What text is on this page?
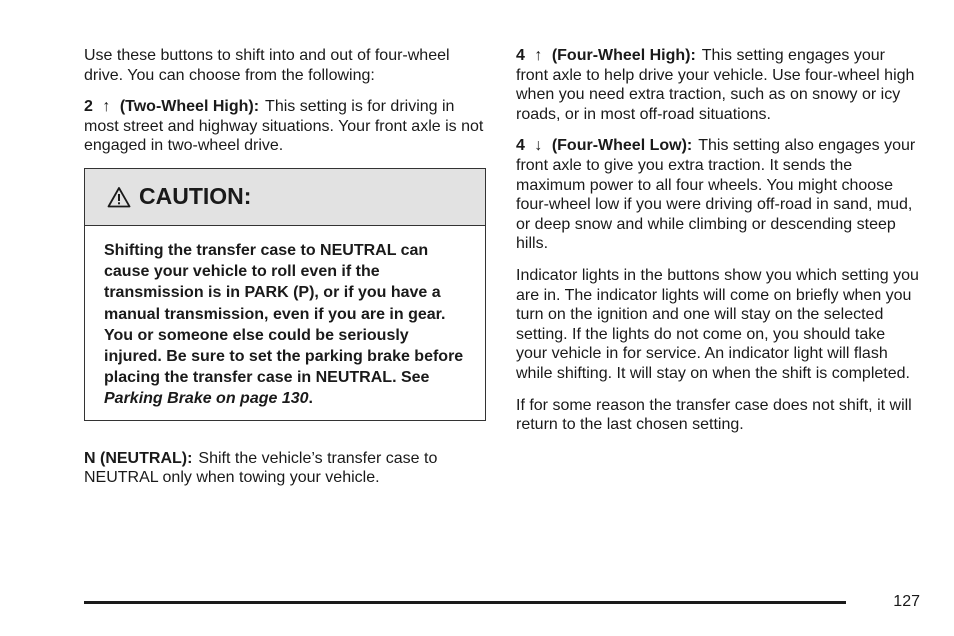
Use these buttons to shift into and out of four-wheel drive. You can choose from the following:

2 ↑ (Two-Wheel High): This setting is for driving in most street and highway situations. Your front axle is not engaged in two-wheel drive.

CAUTION:
Shifting the transfer case to NEUTRAL can cause your vehicle to roll even if the transmission is in PARK (P), or if you have a manual transmission, even if you are in gear. You or someone else could be seriously injured. Be sure to set the parking brake before placing the transfer case in NEUTRAL. See Parking Brake on page 130.

N (NEUTRAL): Shift the vehicle’s transfer case to NEUTRAL only when towing your vehicle.

4 ↑ (Four-Wheel High): This setting engages your front axle to help drive your vehicle. Use four-wheel high when you need extra traction, such as on snowy or icy roads, or in most off-road situations.

4 ↓ (Four-Wheel Low): This setting also engages your front axle to give you extra traction. It sends the maximum power to all four wheels. You might choose four-wheel low if you were driving off-road in sand, mud, or deep snow and while climbing or descending steep hills.

Indicator lights in the buttons show you which setting you are in. The indicator lights will come on briefly when you turn on the ignition and one will stay on the selected setting. If the lights do not come on, you should take your vehicle in for service. An indicator light will flash while shifting. It will stay on when the shift is completed.

If for some reason the transfer case does not shift, it will return to the last chosen setting.

127
